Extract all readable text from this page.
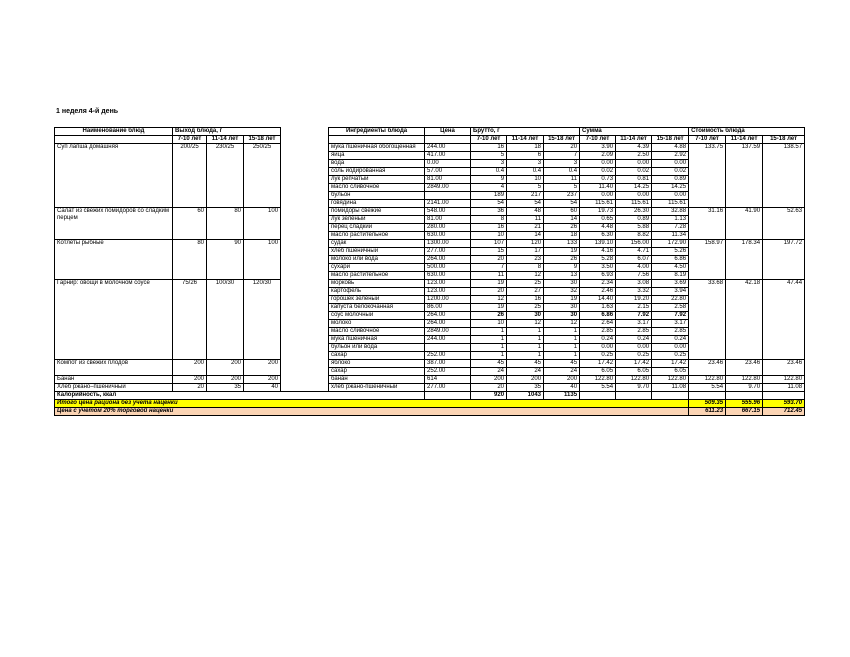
1 неделя 4-й день
Наименование блюд	Выход блюда, г				Ингредиенты блюда	Цена	Брутто, г			Сумма			Стоимость блюда		
	7-10 лет	11-14 лет	15-18 лет				7-10 лет	11-14 лет	15-18 лет	7-10 лет	11-14 лет	15-18 лет	7-10 лет	11-14 лет	15-18 лет
Суп лапша домашняя	200/25	230/25	250/25		мука пшеничная обогощенная	244.00	16	18	20	3.90	4.39	4.88	133.75	137.59	138.57
					яйца	417.00	5	6	7	2.09	2.50	2.92			
					вода	0.00	3	3	3	0.00	0.00	0.00			
					соль йодированная	57.00	0.4	0.4	0.4	0.02	0.02	0.02			
					лук репчатый	81.00	9	10	11	0.73	0.81	0.89			
					масло сливочное	2849.00	4	5	5	11.40	14.25	14.25			
					бульон		189	217	237	0.00	0.00	0.00			
					говядина	2141.00	54	54	54	115.61	115.61	115.61			
Салат из свежих помидоров со сладким перцем	60	80	100		помидоры свежие	548.00	36	48	60	19.73	26.30	32.88	31.16	41.90	52.63
					лук зеленый	81.00	8	11	14	0.65	0.89	1.13			
					перец сладкий	280.00	16	21	26	4.48	5.88	7.28			
					масло растительное	630.00	10	14	18	6.30	8.82	11.34			
Котлеты рыбные	80	90	100		судак	1300.00	107	120	133	139.10	156.00	172.90	158.97	178.34	197.72
					хлеб пшеничный	277.00	15	17	19	4.16	4.71	5.26			
					молоко или вода	264.00	20	23	26	5.28	6.07	6.86			
					сухари	500.00	7	8	9	3.50	4.00	4.50			
					масло растительное	630.00	11	12	13	6.93	7.56	8.19			
Гарнир: овощи в молочном соусе	75/26	100/30	120/30		морковь	123.00	19	25	30	2.34	3.08	3.69	33.68	42.18	47.44
					картофель	123.00	20	27	32	2.46	3.32	3.94			
					горошек зеленый	1200.00	12	16	19	14.40	19.20	22.80			
					капуста белокочанная	86.00	19	25	30	1.63	2.15	2.58			
					соус молочный	264.00	26	30	30	6.86	7.92	7.92			
					молоко	264.00	10	12	12	2.64	3.17	3.17			
					масло сливочное	2849.00	1	1	1	2.85	2.85	2.85			
					мука пшеничная	244.00	1	1	1	0.24	0.24	0.24			
					бульон или вода		1	1	1	0.00	0.00	0.00			
					сахар	252.00	1	1	1	0.25	0.25	0.25			
Компот из свежих плодов	200	200	200		яблоко	387.00	45	45	45	17.42	17.42	17.42	23.46	23.46	23.46
					сахар	252.00	24	24	24	6.05	6.05	6.05			
Банан	200	200	200		банан	614	200	200	200	122.80	122.80	122.80	122.80	122.80	122.80
Хлеб ржано–пшеничный	20	35	40		хлеб ржано-пшеничный	277.00	20	35	40	5.54	9.70	11.08	5.54	9.70	11.08
Калорийность, ккал							920	1043	1135						
Итого цена рациона без учета наценки													509.35	555.96	593.70
Цена с учетом 20% торговой наценки													611.23	667.15	712.45
